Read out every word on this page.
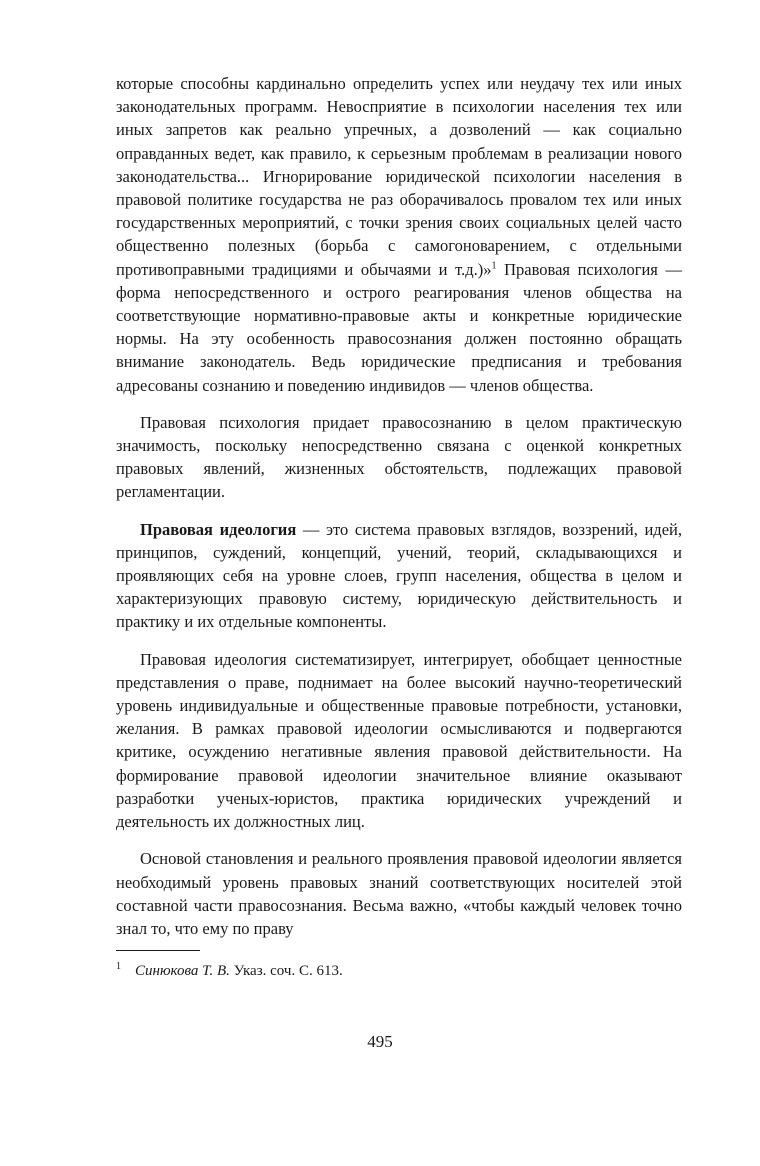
которые способны кардинально определить успех или неудачу тех или иных законодательных программ. Невосприятие в психологии населения тех или иных запретов как реально упречных, а дозволений — как социально оправданных ведет, как правило, к серьезным проблемам в реализации нового законодательства... Игнорирование юридической психологии населения в правовой политике государства не раз оборачивалось провалом тех или иных государственных мероприятий, с точки зрения своих социальных целей часто общественно полезных (борьба с самогоноварением, с отдельными противоправными традициями и обычаями и т.д.)»$^1$ Правовая психология — форма непосредственного и острого реагирования членов общества на соответствующие нормативно-правовые акты и конкретные юридические нормы. На эту особенность правосознания должен постоянно обращать внимание законодатель. Ведь юридические предписания и требования адресованы сознанию и поведению индивидов — членов общества.

Правовая психология придает правосознанию в целом практическую значимость, поскольку непосредственно связана с оценкой конкретных правовых явлений, жизненных обстоятельств, подлежащих правовой регламентации.

Правовая идеология — это система правовых взглядов, воззрений, идей, принципов, суждений, концепций, учений, теорий, складывающихся и проявляющих себя на уровне слоев, групп населения, общества в целом и характеризующих правовую систему, юридическую действительность и практику и их отдельные компоненты.

Правовая идеология систематизирует, интегрирует, обобщает ценностные представления о праве, поднимает на более высокий научно-теоретический уровень индивидуальные и общественные правовые потребности, установки, желания. В рамках правовой идеологии осмысливаются и подвергаются критике, осуждению негативные явления правовой действительности. На формирование правовой идеологии значительное влияние оказывают разработки ученых-юристов, практика юридических учреждений и деятельность их должностных лиц.

Основой становления и реального проявления правовой идеологии является необходимый уровень правовых знаний соответствующих носителей этой составной части правосознания. Весьма важно, «чтобы каждый человек точно знал то, что ему по праву

$^1$ Синюкова Т. В. Указ. соч. С. 613.
495
